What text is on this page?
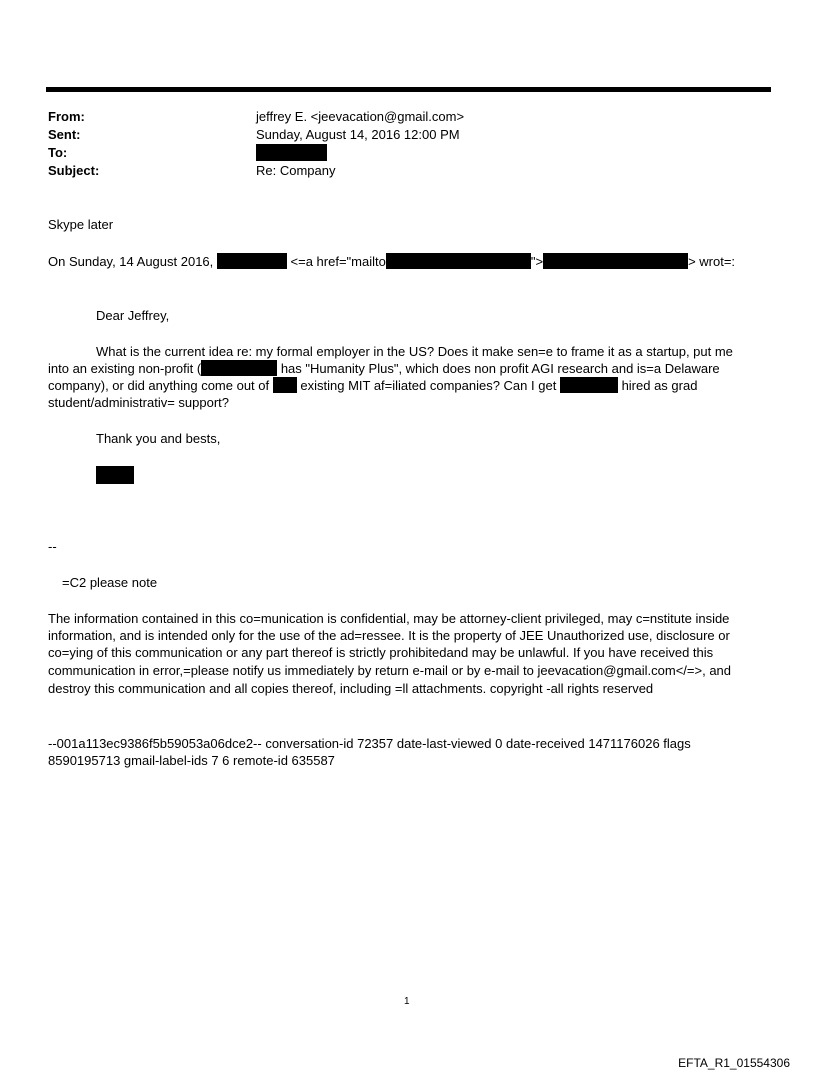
From:	jeffrey E. <jeevacation@gmail.com>
Sent:	Sunday, August 14, 2016 12:00 PM
To:
Subject:	Re: Company
Skype later
On Sunday, 14 August 2016,	<=a href="mailto	">	> wrot=:
Dear Jeffrey,
What is the current idea re: my formal employer in the US? Does it make sen=e to frame it as a startup, put me
into an existing non-profit (	has "Humanity Plus", which does non profit AGI research and is=a Delaware
company), or did anything come out of existing MIT af=iliated companies? Can I get	hired as grad
student/administrativ= support?
Thank you and bests,
--
=C2 please note
The information contained in this co=munication is confidential, may be attorney-client privileged, may c=nstitute inside
information, and is intended only for the use of the ad=ressee. It is the property of JEE Unauthorized use, disclosure or
co=ying of this communication or any part thereof is strictly prohibitedand may be unlawful. If you have received this
communication in error,=please notify us immediately by return e-mail or by e-mail to jeevacation@gmail.com</=>, and
destroy this communication and all copies thereof, including =ll attachments. copyright -all rights reserved
--001a113ec9386f5b59053a06dce2-- conversation-id 72357 date-last-viewed 0 date-received 1471176026 flags
8590195713 gmail-label-ids 7 6 remote-id 635587
1
EFTA_R1_01554306
